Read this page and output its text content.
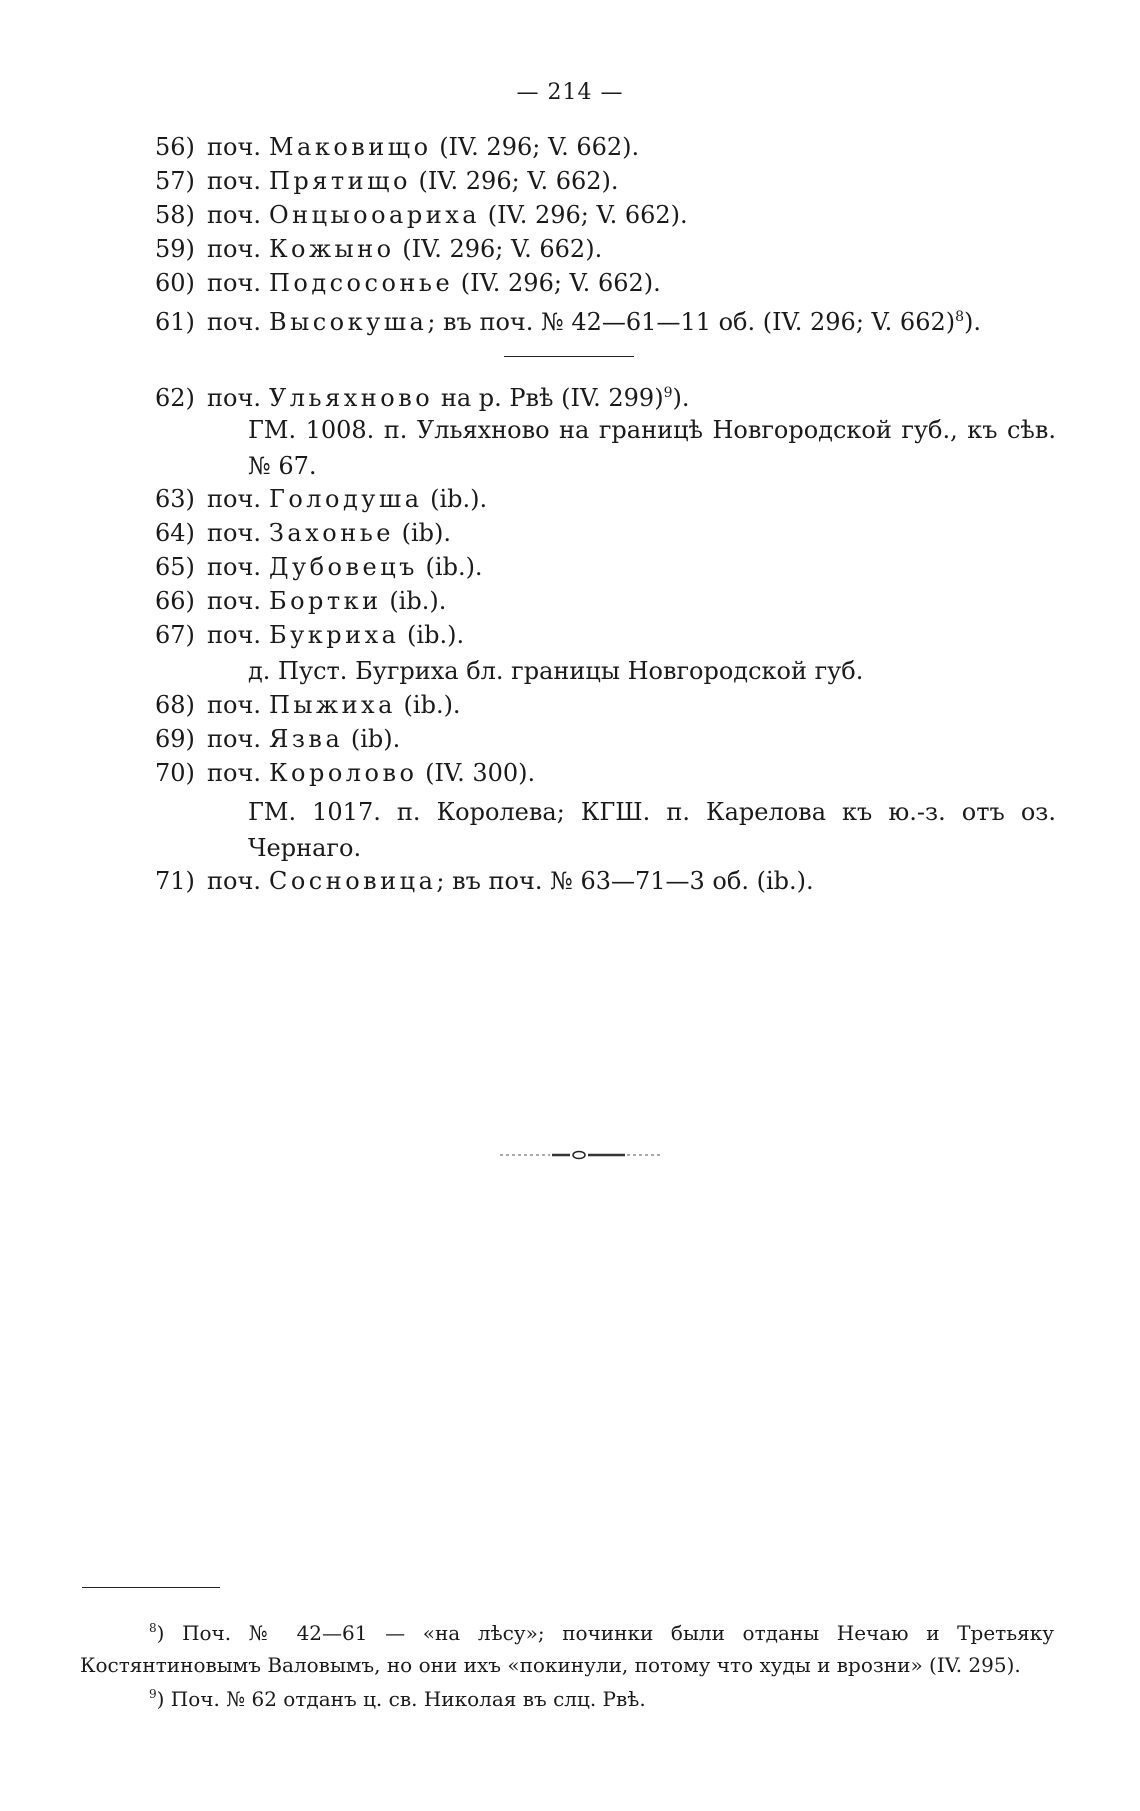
— 214 —
56) поч. Маковищо (IV. 296; V. 662).
57) поч. Прятищо (IV. 296; V. 662).
58) поч. Онцыооариха (IV. 296; V. 662).
59) поч. Кожыно (IV. 296; V. 662).
60) поч. Подсосонье (IV. 296; V. 662).
61) поч. Высокуша; въ поч. № 42—61—11 об. (IV. 296; V. 662)$^8$).
62) поч. Ульяхново на р. Рвѣ (IV. 299)$^9$).
ГМ. 1008. п. Ульяхново на границѣ Новгородской губ., къ сѣв. № 67.
63) поч. Голодуша (ib.).
64) поч. Захонье (ib).
65) поч. Дубовецъ (ib.).
66) поч. Бортки (ib.).
67) поч. Букриха (ib.).
д. Пуст. Бугриха бл. границы Новгородской губ.
68) поч. Пыжиха (ib.).
69) поч. Язва (ib).
70) поч. Королово (IV. 300).
ГМ. 1017. п. Королева; КГШ. п. Карелова къ ю.-з. отъ оз. Чернаго.
71) поч. Сосновица; въ поч. № 63—71—3 об. (ib.).
$^8$) Поч. № 42—61 — «на лѣсу»; починки были отданы Нечаю и Третьяку Костянтиновымъ Валовымъ, но они ихъ «покинули, потому что худы и врозни» (IV. 295).
$^9$) Поч. № 62 отданъ ц. св. Николая въ слц. Рвѣ.
